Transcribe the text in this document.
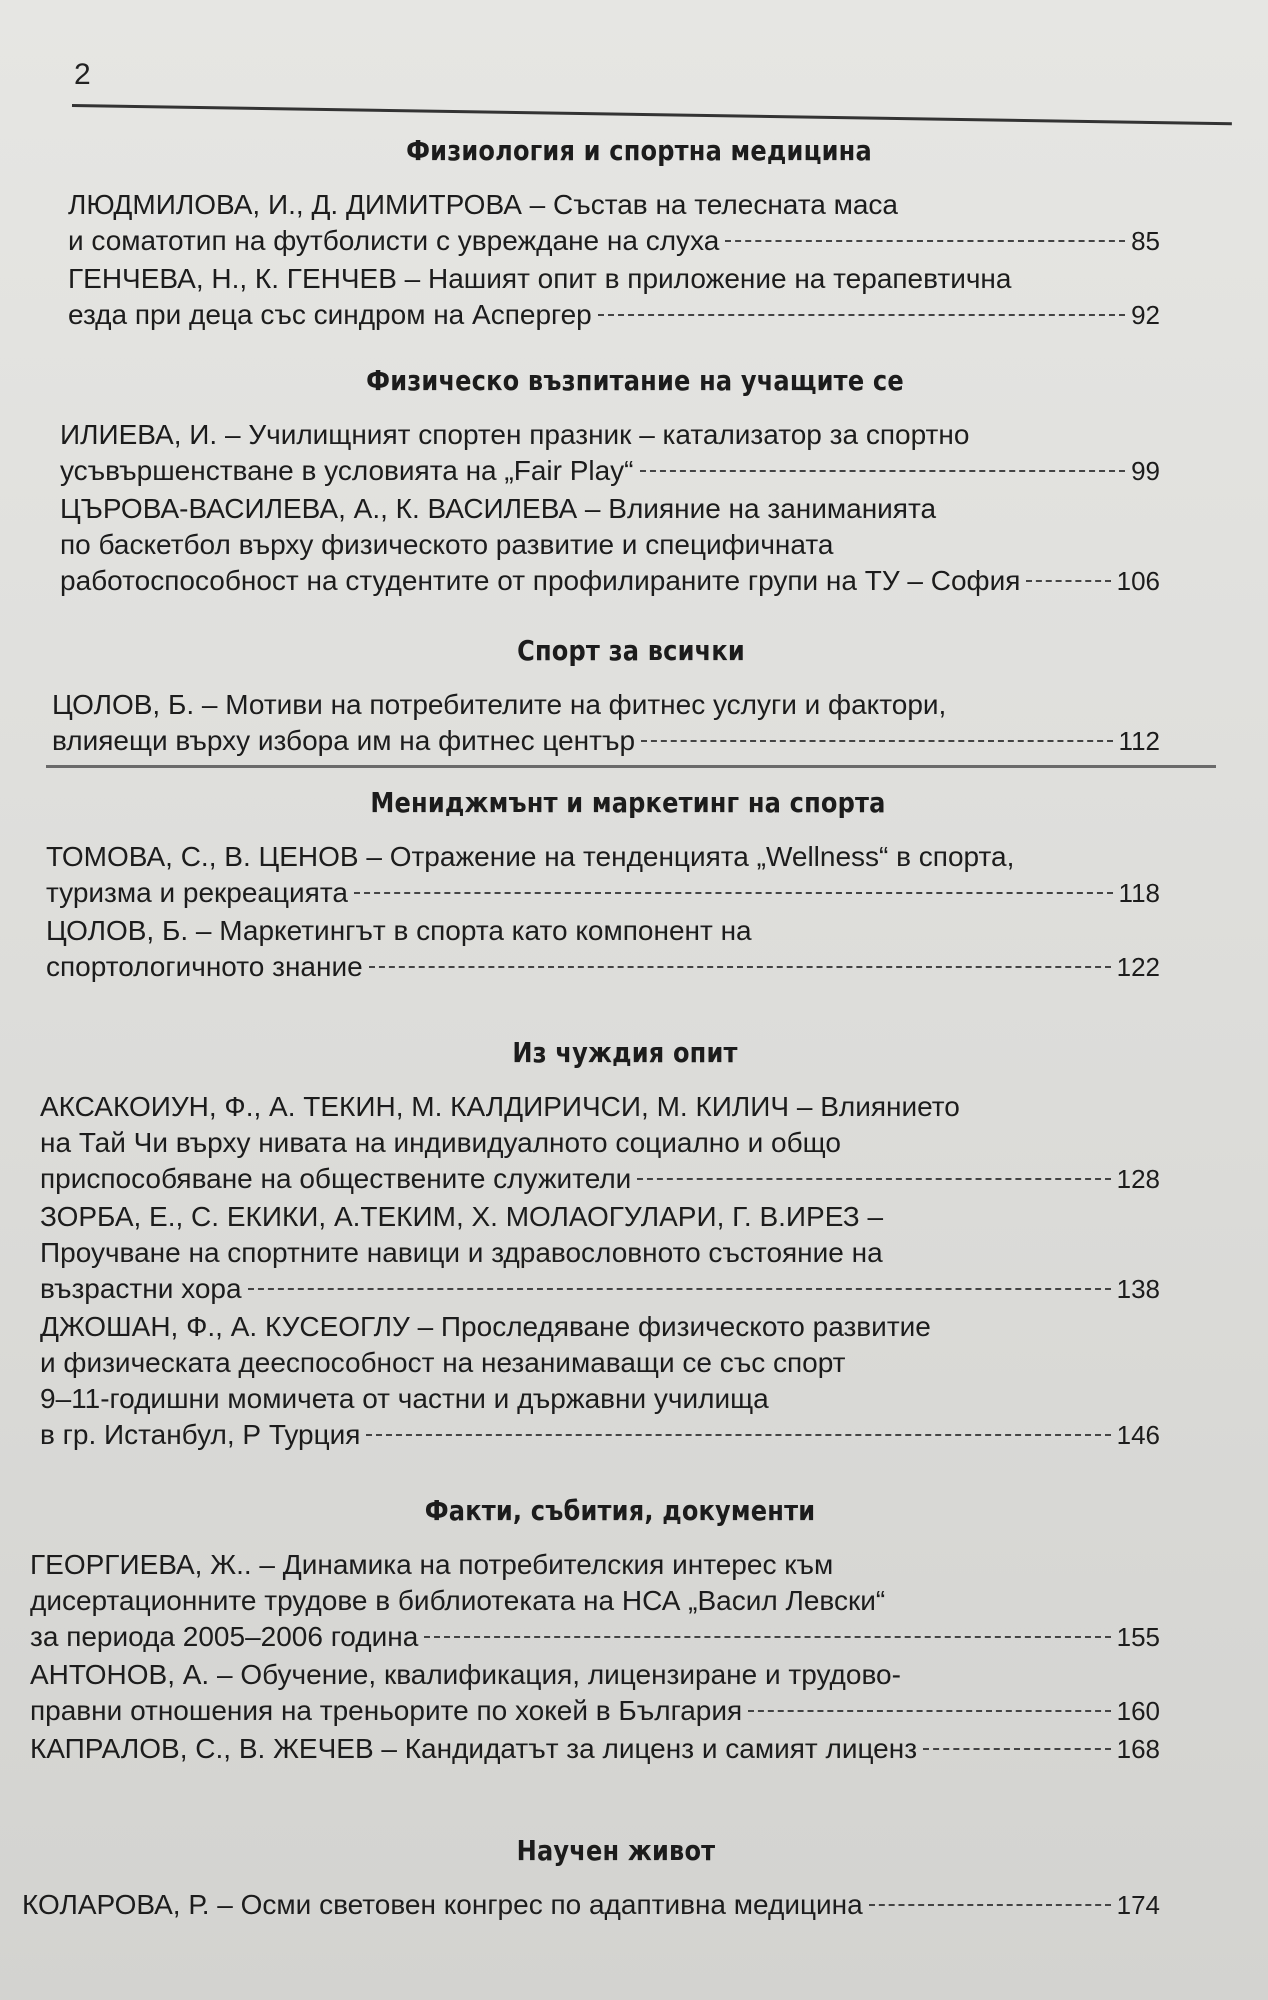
2
Физиология и спортна медицина
ЛЮДМИЛОВА, И., Д. ДИМИТРОВА – Състав на телесната маса
и соматотип на футболисти с увреждане на слуха	85
ГЕНЧЕВА, Н., К. ГЕНЧЕВ – Нашият опит в приложение на терапевтична
езда при деца със синдром на Аспергер	92
Физическо възпитание на учащите се
ИЛИЕВА, И. – Училищният спортен празник – катализатор за спортно
усъвършенстване в условията на „Fair Play“	99
ЦЪРОВА-ВАСИЛЕВА, А., К. ВАСИЛЕВА – Влияние на заниманията
по баскетбол върху физическото развитие и специфичната
работоспособност на студентите от профилираните групи на ТУ – София	106
Спорт за всички
ЦОЛОВ, Б. – Мотиви на потребителите на фитнес услуги и фактори,
влияещи върху избора им на фитнес център	112
Мениджмънт и маркетинг на спорта
ТОМОВА, С., В. ЦЕНОВ – Отражение на тенденцията „Wellness“ в спорта,
туризма и рекреацията	118
ЦОЛОВ, Б. – Маркетингът в спорта като компонент на
спортологичното знание	122
Из чуждия опит
АКСАКОИУН, Ф., А. ТЕКИН, М. КАЛДИРИЧСИ, М. КИЛИЧ – Влиянието
на Тай Чи върху нивата на индивидуалното социално и общо
приспособяване на обществените служители	128
ЗОРБА, Е., С. ЕКИКИ, А.ТЕКИМ, Х. МОЛАОГУЛАРИ, Г. В.ИРЕЗ –
Проучване на спортните навици и здравословното състояние на
възрастни хора	138
ДЖОШАН, Ф., А. КУСЕОГЛУ – Проследяване физическото развитие
и физическата дееспособност на незанимаващи се със спорт
9–11-годишни момичета от частни и държавни училища
в гр. Истанбул, Р Турция	146
Факти, събития, документи
ГЕОРГИЕВА, Ж.. – Динамика на потребителския интерес към
дисертационните трудове в библиотеката на НСА „Васил Левски“
за периода 2005–2006 година	155
АНТОНОВ, А. – Обучение, квалификация, лицензиране и трудово-
правни отношения на треньорите по хокей в България	160
КАПРАЛОВ, С., В. ЖЕЧЕВ – Кандидатът за лиценз и самият лиценз	168
Научен живот
КОЛАРОВА, Р. – Осми световен конгрес по адаптивна медицина	174
